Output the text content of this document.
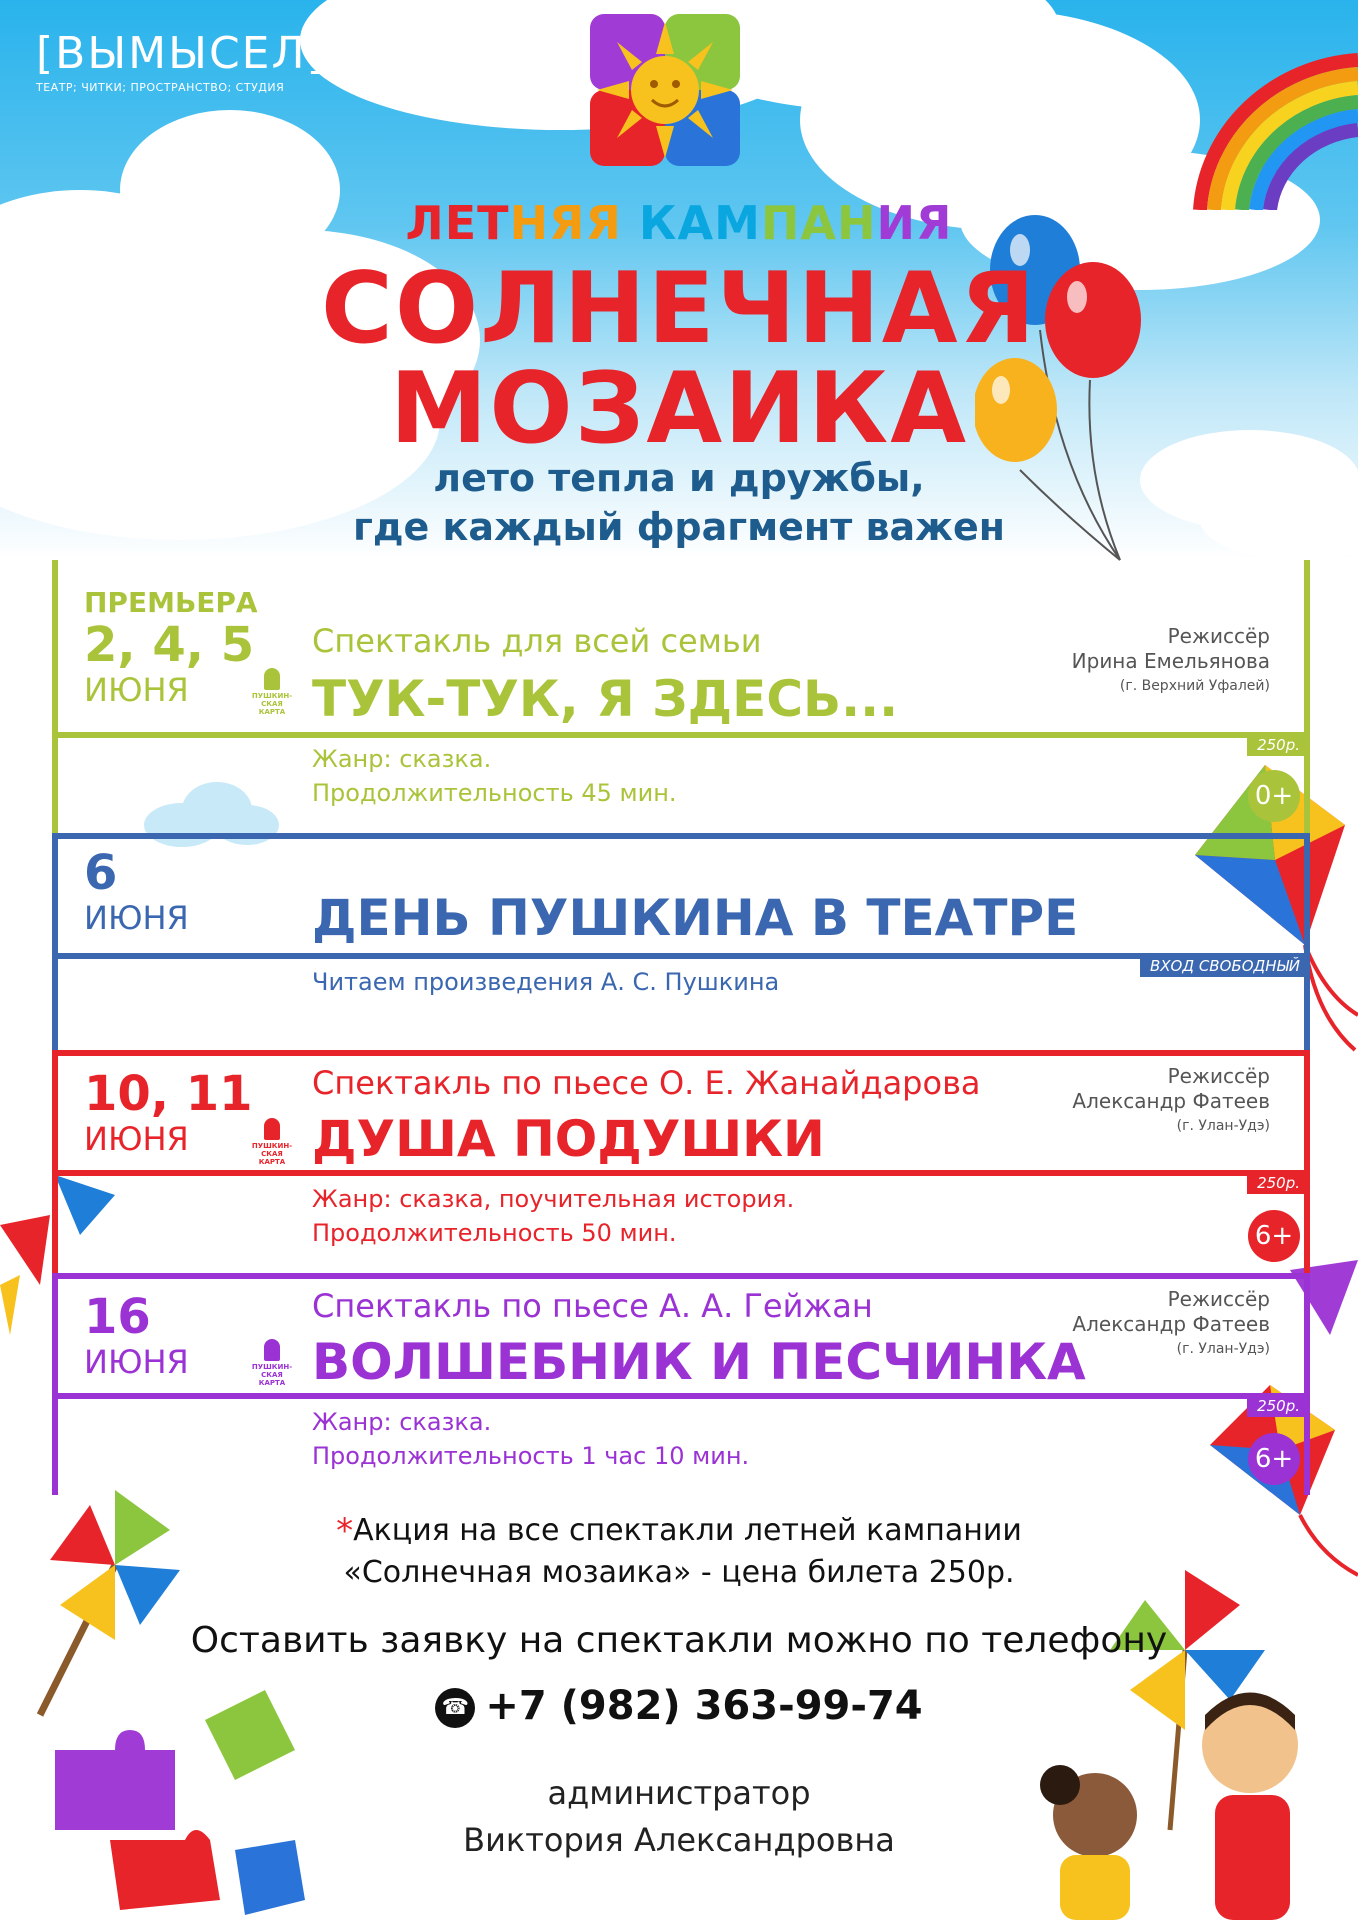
[ВЫМЫСЕЛ]
ТЕАТР; ЧИТКИ; ПРОСТРАНСТВО; СТУДИЯ
ЛЕТНЯЯ КАМПАНИЯ
СОЛНЕЧНАЯ
МОЗАИКА
лето тепла и дружбы,
где каждый фрагмент важен
ПРЕМЬЕРА
2, 4, 5
ИЮНЯ	ПУШКИН-
СКАЯ
КАРТА
Спектакль для всей семьи
ТУК-ТУК, Я ЗДЕСЬ...
Режиссёр
Ирина Емельянова
(г. Верхний Уфалей)
250р.
Жанр: сказка.
Продолжительность 45 мин.	0+
6
ИЮНЯ ДЕНЬ ПУШКИНА В ТЕАТРЕ
ВХОД СВОБОДНЫЙ
Читаем произведения А. С. Пушкина
10, 11
ИЮНЯ	ПУШКИН-
СКАЯ
КАРТА
Спектакль по пьесе О. Е. Жанайдарова
ДУША ПОДУШКИ
Режиссёр
Александр Фатеев
(г. Улан-Удэ)
250р.
Жанр: сказка, поучительная история.
Продолжительность 50 мин.	6+
16
ИЮНЯ	ПУШКИН-
СКАЯ
КАРТА
Спектакль по пьесе А. А. Гейжан
ВОЛШЕБНИК И ПЕСЧИНКА
Режиссёр
Александр Фатеев
(г. Улан-Удэ)
250р.
Жанр: сказка.
Продолжительность 1 час 10 мин.	6+
*Акция на все спектакли летней кампании
«Солнечная мозаика» - цена билета 250р.
Оставить заявку на спектакли можно по телефону
☎ +7 (982) 363-99-74
администратор
Виктория Александровна
